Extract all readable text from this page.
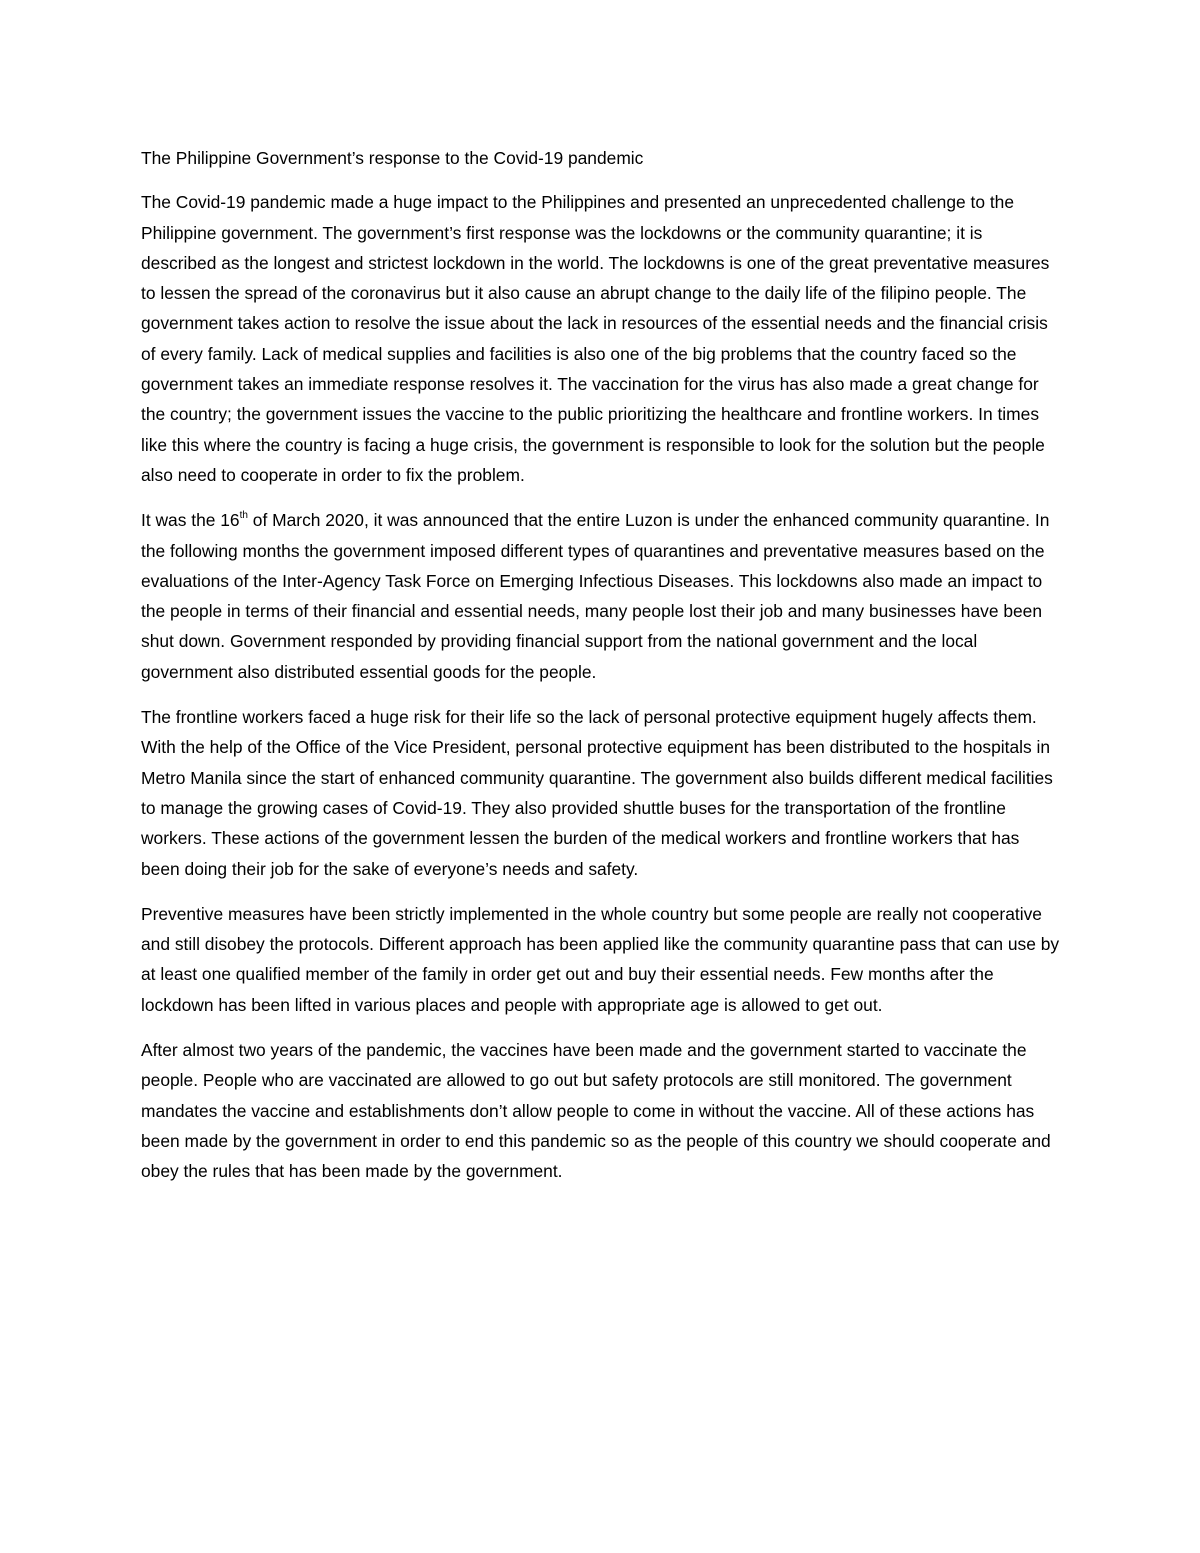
The Philippine Government’s response to the Covid-19 pandemic

The Covid-19 pandemic made a huge impact to the Philippines and presented an unprecedented challenge to the Philippine government. The government’s first response was the lockdowns or the community quarantine; it is described as the longest and strictest lockdown in the world. The lockdowns is one of the great preventative measures to lessen the spread of the coronavirus but it also cause an abrupt change to the daily life of the filipino people. The government takes action to resolve the issue about the lack in resources of the essential needs and the financial crisis of every family. Lack of medical supplies and facilities is also one of the big problems that the country faced so the government takes an immediate response resolves it. The vaccination for the virus has also made a great change for the country; the government issues the vaccine to the public prioritizing the healthcare and frontline workers. In times like this where the country is facing a huge crisis, the government is responsible to look for the solution but the people also need to cooperate in order to fix the problem.

It was the 16th of March 2020, it was announced that the entire Luzon is under the enhanced community quarantine. In the following months the government imposed different types of quarantines and preventative measures based on the evaluations of the Inter-Agency Task Force on Emerging Infectious Diseases. This lockdowns also made an impact to the people in terms of their financial and essential needs, many people lost their job and many businesses have been shut down. Government responded by providing financial support from the national government and the local government also distributed essential goods for the people.

The frontline workers faced a huge risk for their life so the lack of personal protective equipment hugely affects them. With the help of the Office of the Vice President, personal protective equipment has been distributed to the hospitals in Metro Manila since the start of enhanced community quarantine. The government also builds different medical facilities to manage the growing cases of Covid-19. They also provided shuttle buses for the transportation of the frontline workers. These actions of the government lessen the burden of the medical workers and frontline workers that has been doing their job for the sake of everyone’s needs and safety.

Preventive measures have been strictly implemented in the whole country but some people are really not cooperative and still disobey the protocols. Different approach has been applied like the community quarantine pass that can use by at least one qualified member of the family in order get out and buy their essential needs. Few months after the lockdown has been lifted in various places and people with appropriate age is allowed to get out.

After almost two years of the pandemic, the vaccines have been made and the government started to vaccinate the people. People who are vaccinated are allowed to go out but safety protocols are still monitored. The government mandates the vaccine and establishments don’t allow people to come in without the vaccine. All of these actions has been made by the government in order to end this pandemic so as the people of this country we should cooperate and obey the rules that has been made by the government.
